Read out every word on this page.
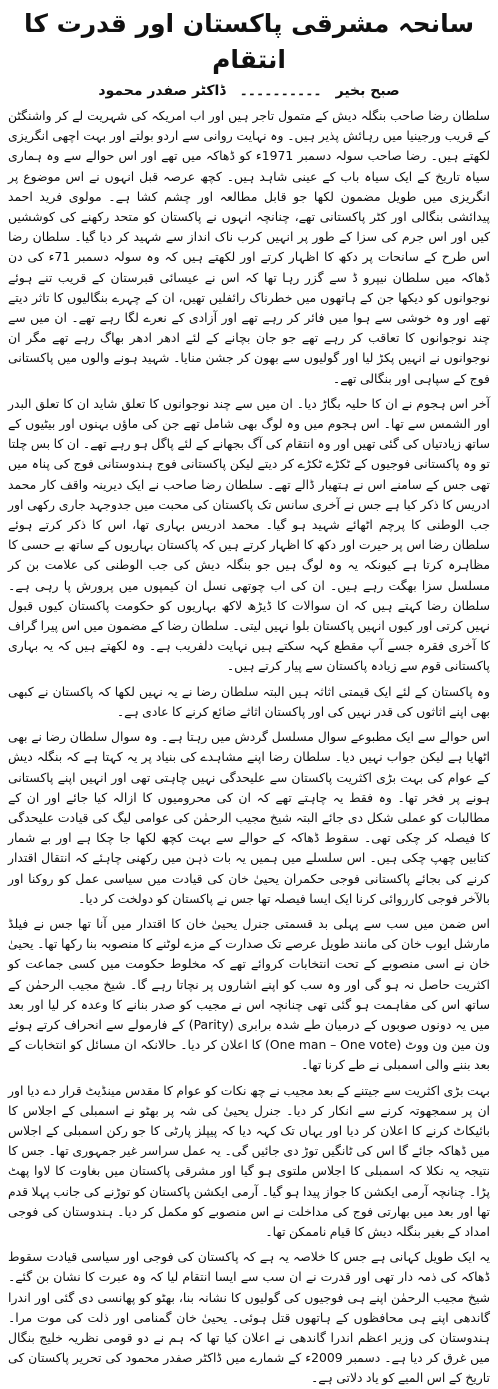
سانحہ مشرقی پاکستان اور قدرت کا انتقام
صبح بخیر
۔۔۔۔۔۔۔۔۔۔
ڈاکٹر صفدر محمود

سلطان رضا صاحب بنگلہ دیش کے متمول تاجر ہیں اور اب امریکہ کی شہریت لے کر واشنگٹن کے قریب ورجینیا میں رہائش پذیر ہیں۔ وہ نہایت روانی سے اردو بولتے اور بہت اچھی انگریزی لکھتے ہیں۔ رضا صاحب سولہ دسمبر 1971ء کو ڈھاکہ میں تھے اور اس حوالے سے وہ ہماری سیاہ تاریخ کے ایک سیاہ باب کے عینی شاہد ہیں۔ کچھ عرصہ قبل انہوں نے اس موضوع پر انگریزی میں طویل مضمون لکھا جو قابل مطالعہ اور چشم کشا ہے۔ مولوی فرید احمد پیدائشی بنگالی اور کٹر پاکستانی تھے، چنانچہ انہوں نے پاکستان کو متحد رکھنے کی کوششیں کیں اور اس جرم کی سزا کے طور پر انہیں کرب ناک انداز سے شہید کر دیا گیا۔ سلطان رضا اس طرح کے سانحات پر دکھ کا اظہار کرتے اور لکھتے ہیں کہ وہ سولہ دسمبر 71ء کی دن ڈھاکہ میں سلطان نیپرو ڈ سے گزر رہا تھا کہ اس نے عیسائی قبرستان کے قریب تنے ہوئے نوجوانوں کو دیکھا جن کے ہاتھوں میں خطرناک رائفلیں تھیں، ان کے چہرے بنگالیوں کا تاثر دیتے تھے اور وہ خوشی سے ہوا میں فائر کر رہے تھے اور آزادی کے نعرے لگا رہے تھے۔ ان میں سے چند نوجوانوں کا تعاقب کر رہے تھے جو جان بچانے کے لئے ادھر ادھر بھاگ رہے تھے مگر ان نوجوانوں نے انہیں پکڑ لیا اور گولیوں سے بھون کر جشن منایا۔ شہید ہونے والوں میں پاکستانی فوج کے سپاہی اور بنگالی تھے۔

آخر اس ہجوم نے ان کا حلیہ بگاڑ دیا۔ ان میں سے چند نوجوانوں کا تعلق شاید ان کا تعلق البدر اور الشمس سے تھا۔ اس ہجوم میں وہ لوگ بھی شامل تھے جن کی ماؤں بہنوں اور بیٹیوں کے ساتھ زیادتیاں کی گئی تھیں اور وہ انتقام کی آگ بجھانے کے لئے پاگل ہو رہے تھے۔ ان کا بس چلتا تو وہ پاکستانی فوجیوں کے ٹکڑے ٹکڑے کر دیتے لیکن پاکستانی فوج ہندوستانی فوج کی پناہ میں تھی جس کے سامنے اس نے ہتھیار ڈالے تھے۔ سلطان رضا صاحب نے ایک دیرینہ واقف کار محمد ادریس کا ذکر کیا ہے جس نے آخری سانس تک پاکستان کی محبت میں جدوجہد جاری رکھی اور جب الوطنی کا پرچم اٹھائے شہید ہو گیا۔ محمد ادریس بہاری تھا، اس کا ذکر کرتے ہوئے سلطان رضا اس پر حیرت اور دکھ کا اظہار کرتے ہیں کہ پاکستان بہاریوں کے ساتھ بے حسی کا مظاہرہ کرتا ہے کیونکہ یہ وہ لوگ ہیں جو بنگلہ دیش کی جب الوطنی کی علامت بن کر مسلسل سزا بھگت رہے ہیں۔ ان کی اب چوتھی نسل ان کیمپوں میں پرورش پا رہی ہے۔ سلطان رضا کہتے ہیں کہ ان سوالات کا ڈیڑھ لاکھ بہاریوں کو حکومت پاکستان کیوں قبول نہیں کرتی اور کیوں انہیں پاکستان بلوا نہیں لیتی۔ سلطان رضا کے مضمون میں اس پیرا گراف کا آخری فقرہ جسے آپ مقطع کہہ سکتے ہیں نہایت دلفریب ہے۔ وہ لکھتے ہیں کہ یہ بہاری پاکستانی قوم سے زیادہ پاکستان سے پیار کرتے ہیں۔

وہ پاکستان کے لئے ایک قیمتی اثاثہ ہیں البتہ سلطان رضا نے یہ نہیں لکھا کہ پاکستان نے کبھی بھی اپنے اثاثوں کی قدر نہیں کی اور پاکستان اثاثے ضائع کرنے کا عادی ہے۔

اس حوالے سے ایک مطبوعے سوال مسلسل گردش میں رہتا ہے۔ وہ سوال سلطان رضا نے بھی اٹھایا ہے لیکن جواب نہیں دیا۔ سلطان رضا اپنے مشاہدے کی بنیاد پر یہ کہتا ہے کہ بنگلہ دیش کے عوام کی بہت بڑی اکثریت پاکستان سے علیحدگی نہیں چاہتی تھی اور انہیں اپنے پاکستانی ہونے پر فخر تھا۔ وہ فقط یہ چاہتے تھے کہ ان کی محرومیوں کا ازالہ کیا جائے اور ان کے مطالبات کو عملی شکل دی جائے البتہ شیخ مجیب الرحمٰن کی عوامی لیگ کی قیادت علیحدگی کا فیصلہ کر چکی تھی۔ سقوط ڈھاکہ کے حوالے سے بہت کچھ لکھا جا چکا ہے اور بے شمار کتابیں چھپ چکی ہیں۔ اس سلسلے میں ہمیں یہ بات ذہن میں رکھنی چاہئے کہ انتقال اقتدار کرنے کی بجائے پاکستانی فوجی حکمران یحییٰ خان کی قیادت میں سیاسی عمل کو روکنا اور بالآخر فوجی کارروائی کرنا ایک ایسا فیصلہ تھا جس نے پاکستان کو دولخت کر دیا۔

اس ضمن میں سب سے پہلی بد قسمتی جنرل یحییٰ خان کا اقتدار میں آنا تھا جس نے فیلڈ مارشل ایوب خان کی مانند طویل عرصے تک صدارت کے مزے لوٹنے کا منصوبہ بنا رکھا تھا۔ یحییٰ خان نے اسی منصوبے کے تحت انتخابات کروائے تھے کہ مخلوط حکومت میں کسی جماعت کو اکثریت حاصل نہ ہو گی اور وہ سب کو اپنے اشاروں پر نچاتا رہے گا۔ شیخ مجیب الرحمٰن کے ساتھ اس کی مفاہمت ہو گئی تھی چنانچہ اس نے مجیب کو صدر بنانے کا وعدہ کر لیا اور بعد میں یہ دونوں صوبوں کے درمیان طے شدہ برابری (Parity) کے فارمولے سے انحراف کرتے ہوئے ون مین ون ووٹ (One man – One vote) کا اعلان کر دیا۔ حالانکہ ان مسائل کو انتخابات کے بعد بننے والی اسمبلی نے طے کرنا تھا۔

بہت بڑی اکثریت سے جیتنے کے بعد مجیب نے چھ نکات کو عوام کا مقدس مینڈیٹ قرار دے دیا اور ان پر سمجھوتہ کرنے سے انکار کر دیا۔ جنرل یحییٰ کی شہ پر بھٹو نے اسمبلی کے اجلاس کا بائیکاٹ کرنے کا اعلان کر دیا اور یہاں تک کہہ دیا کہ پیپلز پارٹی کا جو رکن اسمبلی کے اجلاس میں ڈھاکہ جائے گا اس کی ٹانگیں توڑ دی جائیں گی۔ یہ عمل سراسر غیر جمہوری تھا۔ جس کا نتیجہ یہ نکلا کہ اسمبلی کا اجلاس ملتوی ہو گیا اور مشرقی پاکستان میں بغاوت کا لاوا پھٹ پڑا۔ چنانچہ آرمی ایکشن کا جواز پیدا ہو گیا۔ آرمی ایکشن پاکستان کو توڑنے کی جانب پہلا قدم تھا اور بعد میں بھارتی فوج کی مداخلت نے اس منصوبے کو مکمل کر دیا۔ ہندوستان کی فوجی امداد کے بغیر بنگلہ دیش کا قیام ناممکن تھا۔

یہ ایک طویل کہانی ہے جس کا خلاصہ یہ ہے کہ پاکستان کی فوجی اور سیاسی قیادت سقوط ڈھاکہ کی ذمہ دار تھی اور قدرت نے ان سب سے ایسا انتقام لیا کہ وہ عبرت کا نشان بن گئے۔ شیخ مجیب الرحمٰن اپنے ہی فوجیوں کی گولیوں کا نشانہ بنا، بھٹو کو پھانسی دی گئی اور اندرا گاندھی اپنے ہی محافظوں کے ہاتھوں قتل ہوئی۔ یحییٰ خان گمنامی اور ذلت کی موت مرا۔ ہندوستان کی وزیر اعظم اندرا گاندھی نے اعلان کیا تھا کہ ہم نے دو قومی نظریہ خلیج بنگال میں غرق کر دیا ہے۔ دسمبر 2009ء کے شمارے میں ڈاکٹر صفدر محمود کی تحریر پاکستان کی تاریخ کے اس المیے کو یاد دلاتی ہے۔
